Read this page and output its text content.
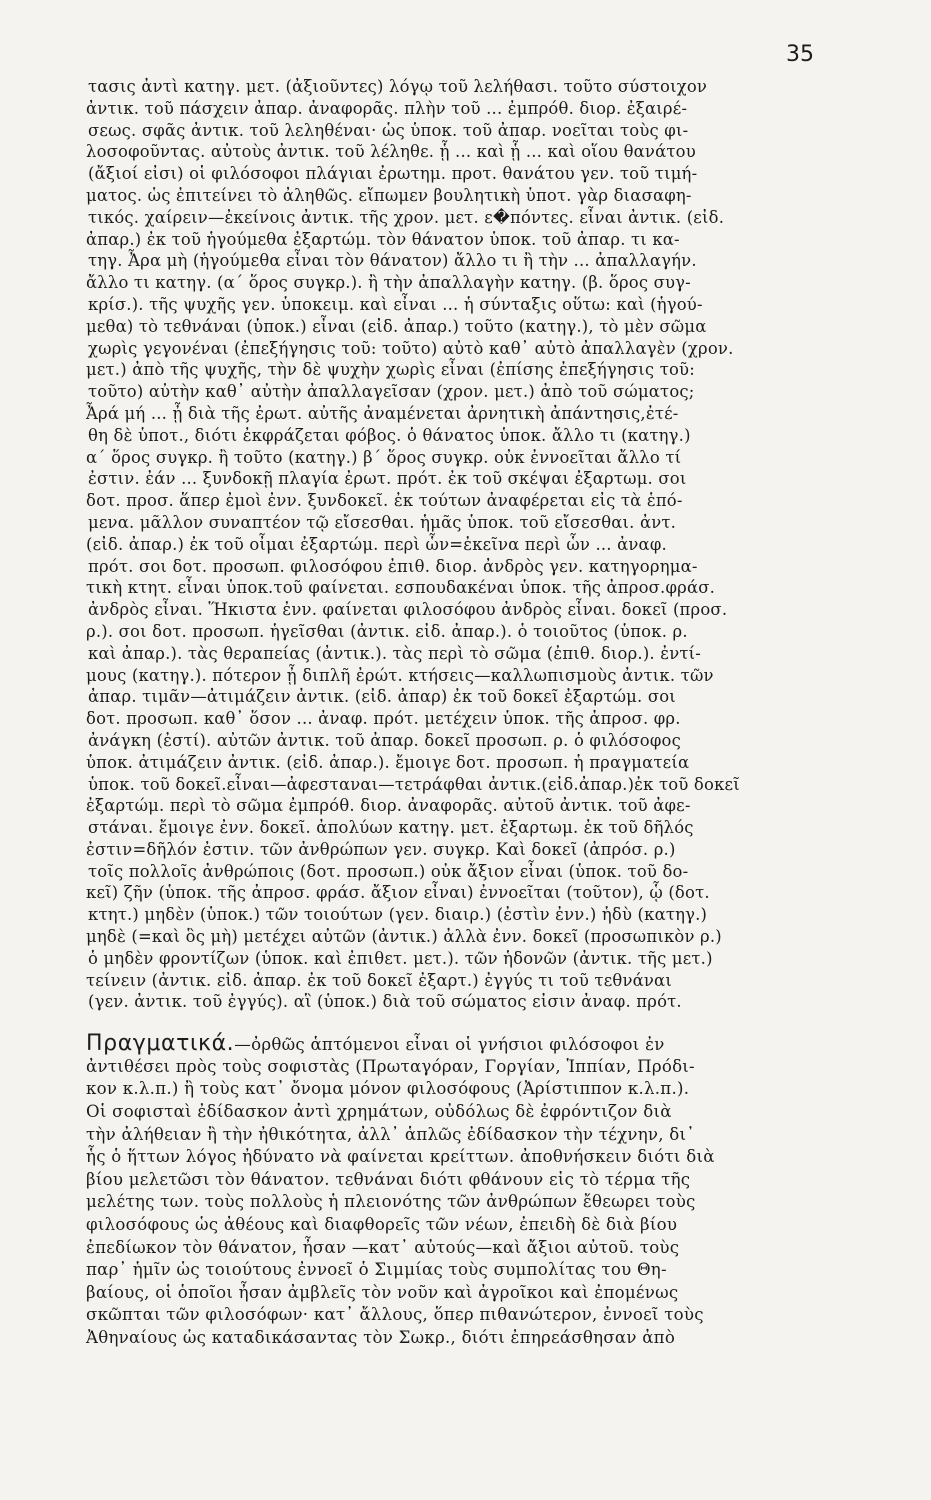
35
τασις ἀντὶ κατηγ. μετ. (ἀξιοῦντες) λόγῳ τοῦ λελήθασι. τοῦτο σύστοιχον
ἀντικ. τοῦ πάσχειν ἀπαρ. ἀναφορᾶς. πλὴν τοῦ ... ἐμπρόθ. διορ. ἐξαιρέ-
σεως. σφᾶς ἀντικ. τοῦ λεληθέναι· ὡς ὑποκ. τοῦ ἀπαρ. νοεῖται τοὺς φι-
λοσοφοῦντας. αὐτοὺς ἀντικ. τοῦ λέληθε. ᾗ ... καὶ ᾗ ... καὶ οἵου θανάτου
(ἄξιοί εἰσι) οἱ φιλόσοφοι πλάγιαι ἐρωτημ. προτ. θανάτου γεν. τοῦ τιμή-
ματος. ὡς ἐπιτείνει τὸ ἀληθῶς. εἴπωμεν βουλητικὴ ὑποτ. γὰρ διασαφη-
τικός. χαίρειν—ἐκείνοις ἀντικ. τῆς χρον. μετ. ε�πόντες. εἶναι ἀντικ. (εἰδ.
ἀπαρ.) ἐκ τοῦ ἡγούμεθα ἐξαρτώμ. τὸν θάνατον ὑποκ. τοῦ ἀπαρ. τι κα-
τηγ. Ἆρα μὴ (ἡγούμεθα εἶναι τὸν θάνατον) ἄλλο τι ἢ τὴν ... ἀπαλλαγήν.
ἄλλο τι κατηγ. (α΄ ὅρος συγκρ.). ἢ τὴν ἀπαλλαγὴν κατηγ. (β. ὅρος συγ-
κρίσ.). τῆς ψυχῆς γεν. ὑποκειμ. καὶ εἶναι ... ἡ σύνταξις οὕτω: καὶ (ἡγού-
μεθα) τὸ τεθνάναι (ὑποκ.) εἶναι (εἰδ. ἀπαρ.) τοῦτο (κατηγ.), τὸ μὲν σῶμα
χωρὶς γεγονέναι (ἐπεξήγησις τοῦ: τοῦτο) αὐτὸ καθ᾽ αὐτὸ ἀπαλλαγὲν (χρον.
μετ.) ἀπὸ τῆς ψυχῆς, τὴν δὲ ψυχὴν χωρὶς εἶναι (ἐπίσης ἐπεξήγησις τοῦ:
τοῦτο) αὐτὴν καθ᾽ αὐτὴν ἀπαλλαγεῖσαν (χρον. μετ.) ἀπὸ τοῦ σώματος;
Ἆρά μή ... ᾖ διὰ τῆς ἐρωτ. αὐτῆς ἀναμένεται ἀρνητικὴ ἀπάντησις,ἐτέ-
θη δὲ ὑποτ., διότι ἐκφράζεται φόβος. ὁ θάνατος ὑποκ. ἄλλο τι (κατηγ.)
α΄ ὅρος συγκρ. ἢ τοῦτο (κατηγ.) β΄ ὅρος συγκρ. οὐκ ἐννοεῖται ἄλλο τί
ἐστιν. ἐάν ... ξυνδοκῇ πλαγία ἐρωτ. πρότ. ἐκ τοῦ σκέψαι ἐξαρτωμ. σοι
δοτ. προσ. ἅπερ ἐμοὶ ἐνν. ξυνδοκεῖ. ἐκ τούτων ἀναφέρεται εἰς τὰ ἑπό-
μενα. μᾶλλον συναπτέον τῷ εἴσεσθαι. ἡμᾶς ὑποκ. τοῦ εἴσεσθαι. ἀντ.
(εἰδ. ἀπαρ.) ἐκ τοῦ οἶμαι ἐξαρτώμ. περὶ ὧν=ἐκεῖνα περὶ ὧν ... ἀναφ.
πρότ. σοι δοτ. προσωπ. φιλοσόφου ἐπιθ. διορ. ἀνδρὸς γεν. κατηγορημα-
τικὴ κτητ. εἶναι ὑποκ.τοῦ φαίνεται. εσπουδακέναι ὑποκ. τῆς ἀπροσ.φράσ.
ἀνδρὸς εἶναι. Ἥκιστα ἐνν. φαίνεται φιλοσόφου ἀνδρὸς εἶναι. δοκεῖ (προσ.
ρ.). σοι δοτ. προσωπ. ἡγεῖσθαι (ἀντικ. εἰδ. ἀπαρ.). ὁ τοιοῦτος (ὑποκ. ρ.
καὶ ἀπαρ.). τὰς θεραπείας (ἀντικ.). τὰς περὶ τὸ σῶμα (ἐπιθ. διορ.). ἐντί-
μους (κατηγ.). πότερον ᾖ διπλῆ ἐρώτ. κτήσεις—καλλωπισμοὺς ἀντικ. τῶν
ἀπαρ. τιμᾶν—ἀτιμάζειν ἀντικ. (εἰδ. ἀπαρ) ἐκ τοῦ δοκεῖ ἐξαρτώμ. σοι
δοτ. προσωπ. καθ᾽ ὅσον ... ἀναφ. πρότ. μετέχειν ὑποκ. τῆς ἀπροσ. φρ.
ἀνάγκη (ἐστί). αὐτῶν ἀντικ. τοῦ ἀπαρ. δοκεῖ προσωπ. ρ. ὁ φιλόσοφος
ὑποκ. ἀτιμάζειν ἀντικ. (εἰδ. ἀπαρ.). ἔμοιγε δοτ. προσωπ. ἡ πραγματεία
ὑποκ. τοῦ δοκεῖ.εἶναι—ἀφεσταναι—τετράφθαι ἀντικ.(εἰδ.ἀπαρ.)ἐκ τοῦ δοκεῖ
ἐξαρτώμ. περὶ τὸ σῶμα ἐμπρόθ. διορ. ἀναφορᾶς. αὐτοῦ ἀντικ. τοῦ ἀφε-
στάναι. ἔμοιγε ἐνν. δοκεῖ. ἀπολύων κατηγ. μετ. ἐξαρτωμ. ἐκ τοῦ δῆλός
ἐστιν=δῆλόν ἐστιν. τῶν ἀνθρώπων γεν. συγκρ. Καὶ δοκεῖ (ἀπρόσ. ρ.)
τοῖς πολλοῖς ἀνθρώποις (δοτ. προσωπ.) οὐκ ἄξιον εἶναι (ὑποκ. τοῦ δο-
κεῖ) ζῆν (ὑποκ. τῆς ἀπροσ. φράσ. ἄξιον εἶναι) ἐννοεῖται (τοῦτον), ᾧ (δοτ.
κτητ.) μηδὲν (ὑποκ.) τῶν τοιούτων (γεν. διαιρ.) (ἐστὶν ἐνν.) ἡδὺ (κατηγ.)
μηδὲ (=καὶ ὃς μὴ) μετέχει αὐτῶν (ἀντικ.) ἀλλὰ ἐνν. δοκεῖ (προσωπικὸν ρ.)
ὁ μηδὲν φροντίζων (ὑποκ. καὶ ἐπιθετ. μετ.). τῶν ἡδονῶν (ἀντικ. τῆς μετ.)
τείνειν (ἀντικ. εἰδ. ἀπαρ. ἐκ τοῦ δοκεῖ ἐξαρτ.) ἐγγύς τι τοῦ τεθνάναι
(γεν. ἀντικ. τοῦ ἐγγύς). αἳ (ὑποκ.) διὰ τοῦ σώματος εἰσιν ἀναφ. πρότ.
Πραγματικά.—ὀρθῶς ἁπτόμενοι εἶναι οἱ γνήσιοι φιλόσοφοι ἐν
ἀντιθέσει πρὸς τοὺς σοφιστὰς (Πρωταγόραν, Γοργίαν, Ἱππίαν, Πρόδι-
κον κ.λ.π.) ἢ τοὺς κατ᾽ ὄνομα μόνον φιλοσόφους (Ἀρίστιππον κ.λ.π.).
Οἱ σοφισταὶ ἐδίδασκον ἀντὶ χρημάτων, οὐδόλως δὲ ἐφρόντιζον διὰ
τὴν ἀλήθειαν ἢ τὴν ἠθικότητα, ἀλλ᾽ ἁπλῶς ἐδίδασκον τὴν τέχνην, δι᾽
ἧς ὁ ἥττων λόγος ἠδύνατο νὰ φαίνεται κρείττων. ἀποθνήσκειν διότι διὰ
βίου μελετῶσι τὸν θάνατον. τεθνάναι διότι φθάνουν εἰς τὸ τέρμα τῆς
μελέτης των. τοὺς πολλοὺς ἡ πλειονότης τῶν ἀνθρώπων ἔθεωρει τοὺς
φιλοσόφους ὡς ἀθέους καὶ διαφθορεῖς τῶν νέων, ἐπειδὴ δὲ διὰ βίου
ἐπεδίωκον τὸν θάνατον, ἦσαν —κατ᾽ αὐτούς—καὶ ἄξιοι αὐτοῦ. τοὺς
παρ᾽ ἡμῖν ὡς τοιούτους ἐννοεῖ ὁ Σιμμίας τοὺς συμπολίτας του Θη-
βαίους, οἱ ὁποῖοι ἦσαν ἀμβλεῖς τὸν νοῦν καὶ ἀγροῖκοι καὶ ἐπομένως
σκῶπται τῶν φιλοσόφων· κατ᾽ ἄλλους, ὅπερ πιθανώτερον, ἐννοεῖ τοὺς
Ἀθηναίους ὡς καταδικάσαντας τὸν Σωκρ., διότι ἐπηρεάσθησαν ἀπὸ
